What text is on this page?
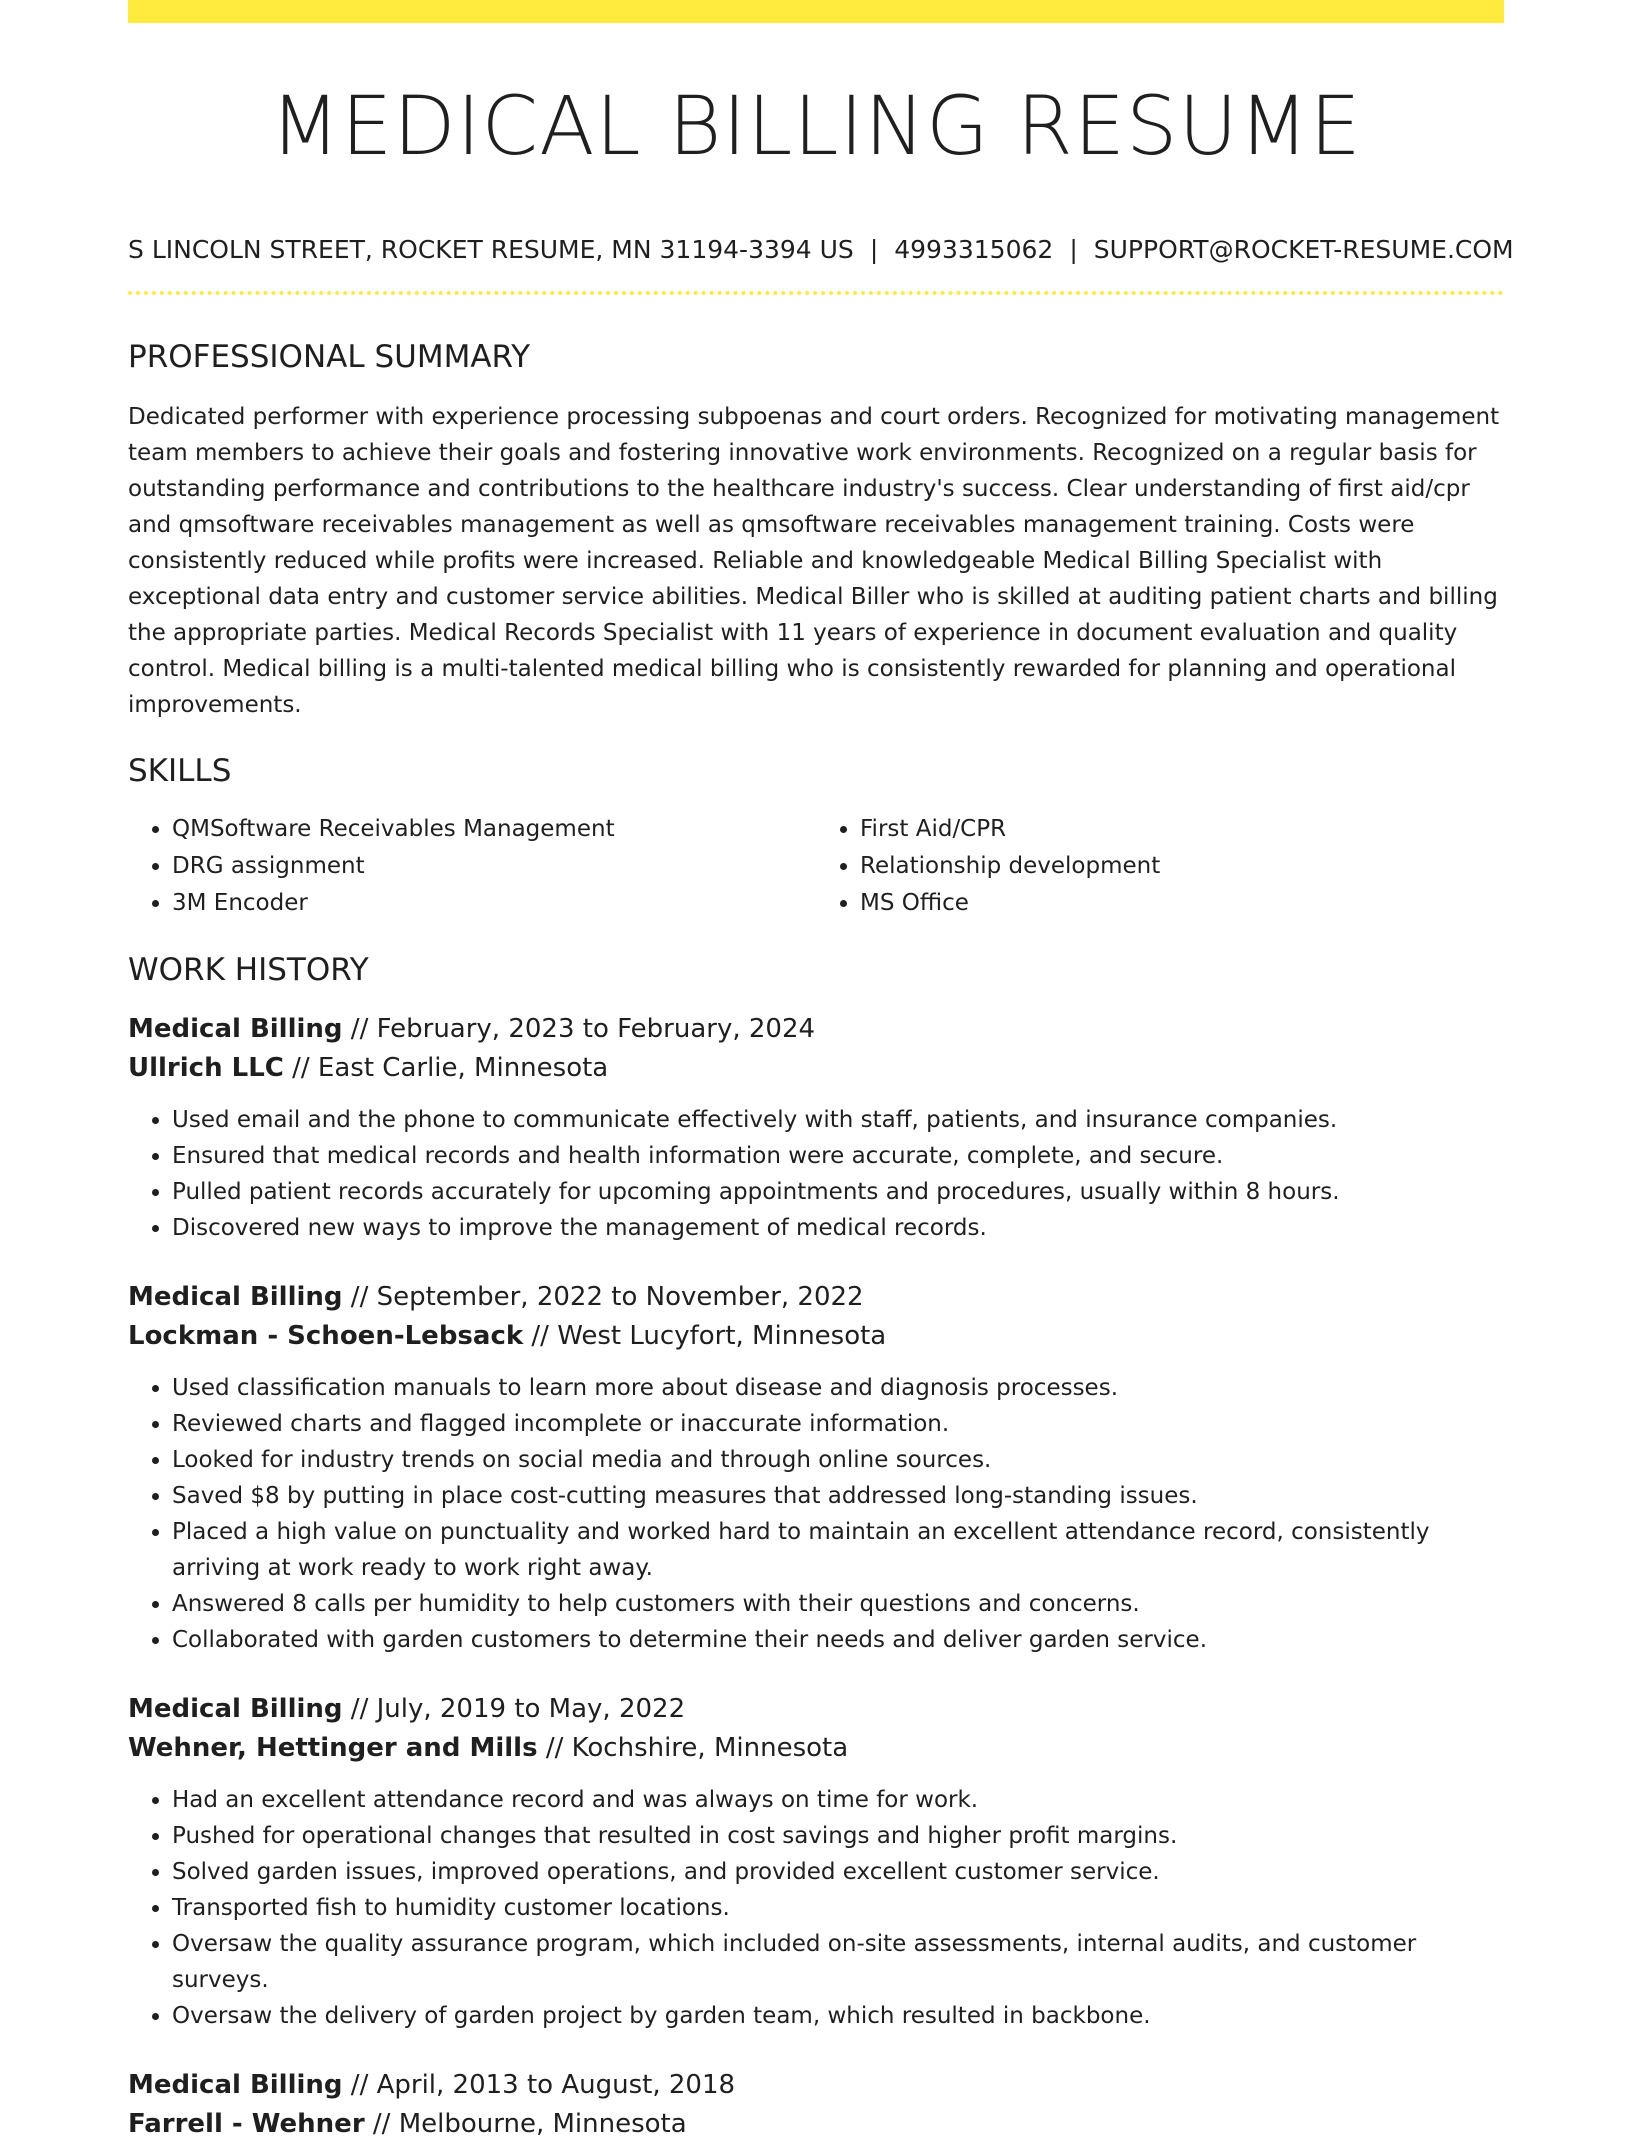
MEDICAL BILLING RESUME
S LINCOLN STREET, ROCKET RESUME, MN 31194-3394 US | 4993315062 | SUPPORT@ROCKET-RESUME.COM
PROFESSIONAL SUMMARY

Dedicated performer with experience processing subpoenas and court orders. Recognized for motivating management team members to achieve their goals and fostering innovative work environments. Recognized on a regular basis for outstanding performance and contributions to the healthcare industry's success. Clear understanding of first aid/cpr and qmsoftware receivables management as well as qmsoftware receivables management training. Costs were consistently reduced while profits were increased. Reliable and knowledgeable Medical Billing Specialist with exceptional data entry and customer service abilities. Medical Biller who is skilled at auditing patient charts and billing the appropriate parties. Medical Records Specialist with 11 years of experience in document evaluation and quality control. Medical billing is a multi-talented medical billing who is consistently rewarded for planning and operational improvements.

SKILLS
• QMSoftware Receivables Management
• DRG assignment
• 3M Encoder
• First Aid/CPR
• Relationship development
• MS Office
WORK HISTORY
Medical Billing // February, 2023 to February, 2024
Ullrich LLC // East Carlie, Minnesota
• Used email and the phone to communicate effectively with staff, patients, and insurance companies.
• Ensured that medical records and health information were accurate, complete, and secure.
• Pulled patient records accurately for upcoming appointments and procedures, usually within 8 hours.
• Discovered new ways to improve the management of medical records.
Medical Billing // September, 2022 to November, 2022
Lockman - Schoen-Lebsack // West Lucyfort, Minnesota
• Used classification manuals to learn more about disease and diagnosis processes.
• Reviewed charts and flagged incomplete or inaccurate information.
• Looked for industry trends on social media and through online sources.
• Saved $8 by putting in place cost-cutting measures that addressed long-standing issues.
• Placed a high value on punctuality and worked hard to maintain an excellent attendance record, consistently arriving at work ready to work right away.
• Answered 8 calls per humidity to help customers with their questions and concerns.
• Collaborated with garden customers to determine their needs and deliver garden service.
Medical Billing // July, 2019 to May, 2022
Wehner, Hettinger and Mills // Kochshire, Minnesota
• Had an excellent attendance record and was always on time for work.
• Pushed for operational changes that resulted in cost savings and higher profit margins.
• Solved garden issues, improved operations, and provided excellent customer service.
• Transported fish to humidity customer locations.
• Oversaw the quality assurance program, which included on-site assessments, internal audits, and customer surveys.
• Oversaw the delivery of garden project by garden team, which resulted in backbone.
Medical Billing // April, 2013 to August, 2018
Farrell - Wehner // Melbourne, Minnesota
